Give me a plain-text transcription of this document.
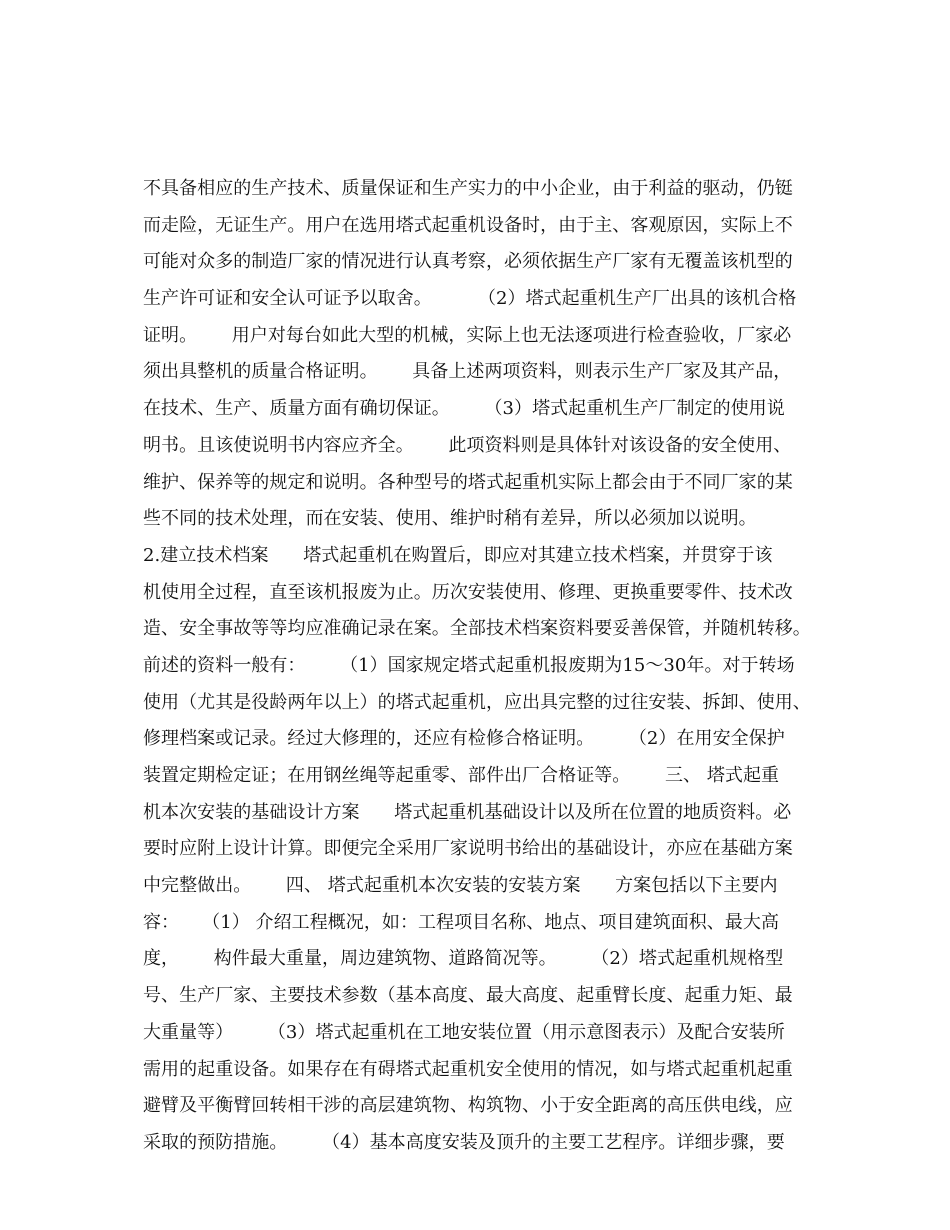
不具备相应的生产技术、质量保证和生产实力的中小企业，由于利益的驱动，仍铤
而走险，无证生产。用户在选用塔式起重机设备时，由于主、客观原因，实际上不
可能对众多的制造厂家的情况进行认真考察，必须依据生产厂家有无覆盖该机型的
生产许可证和安全认可证予以取舍。        （2）塔式起重机生产厂出具的该机合格
证明。      用户对每台如此大型的机械，实际上也无法逐项进行检查验收，厂家必
须出具整机的质量合格证明。      具备上述两项资料，则表示生产厂家及其产品，
在技术、生产、质量方面有确切保证。      （3）塔式起重机生产厂制定的使用说
明书。且该使说明书内容应齐全。      此项资料则是具体针对该设备的安全使用、
维护、保养等的规定和说明。各种型号的塔式起重机实际上都会由于不同厂家的某
些不同的技术处理，而在安装、使用、维护时稍有差异，所以必须加以说明。
2.建立技术档案      塔式起重机在购置后，即应对其建立技术档案，并贯穿于该
机使用全过程，直至该机报废为止。历次安装使用、修理、更换重要零件、技术改
造、安全事故等等均应准确记录在案。全部技术档案资料要妥善保管，并随机转移。
前述的资料一般有：      （1）国家规定塔式起重机报废期为15～30年。对于转场
使用（尤其是役龄两年以上）的塔式起重机，应出具完整的过往安装、拆卸、使用、
修理档案或记录。经过大修理的，还应有检修合格证明。      （2）在用安全保护
装置定期检定证；在用钢丝绳等起重零、部件出厂合格证等。      三、 塔式起重
机本次安装的基础设计方案      塔式起重机基础设计以及所在位置的地质资料。必
要时应附上设计计算。即便完全采用厂家说明书给出的基础设计，亦应在基础方案
中完整做出。      四、 塔式起重机本次安装的安装方案      方案包括以下主要内
容：    （1） 介绍工程概况，如：工程项目名称、地点、项目建筑面积、最大高
度，      构件最大重量，周边建筑物、道路简况等。      （2）塔式起重机规格型
号、生产厂家、主要技术参数（基本高度、最大高度、起重臂长度、起重力矩、最
大重量等）      （3）塔式起重机在工地安装位置（用示意图表示）及配合安装所
需用的起重设备。如果存在有碍塔式起重机安全使用的情况，如与塔式起重机起重
避臂及平衡臂回转相干涉的高层建筑物、构筑物、小于安全距离的高压供电线，应
采取的预防措施。      （4）基本高度安装及顶升的主要工艺程序。详细步骤，要
